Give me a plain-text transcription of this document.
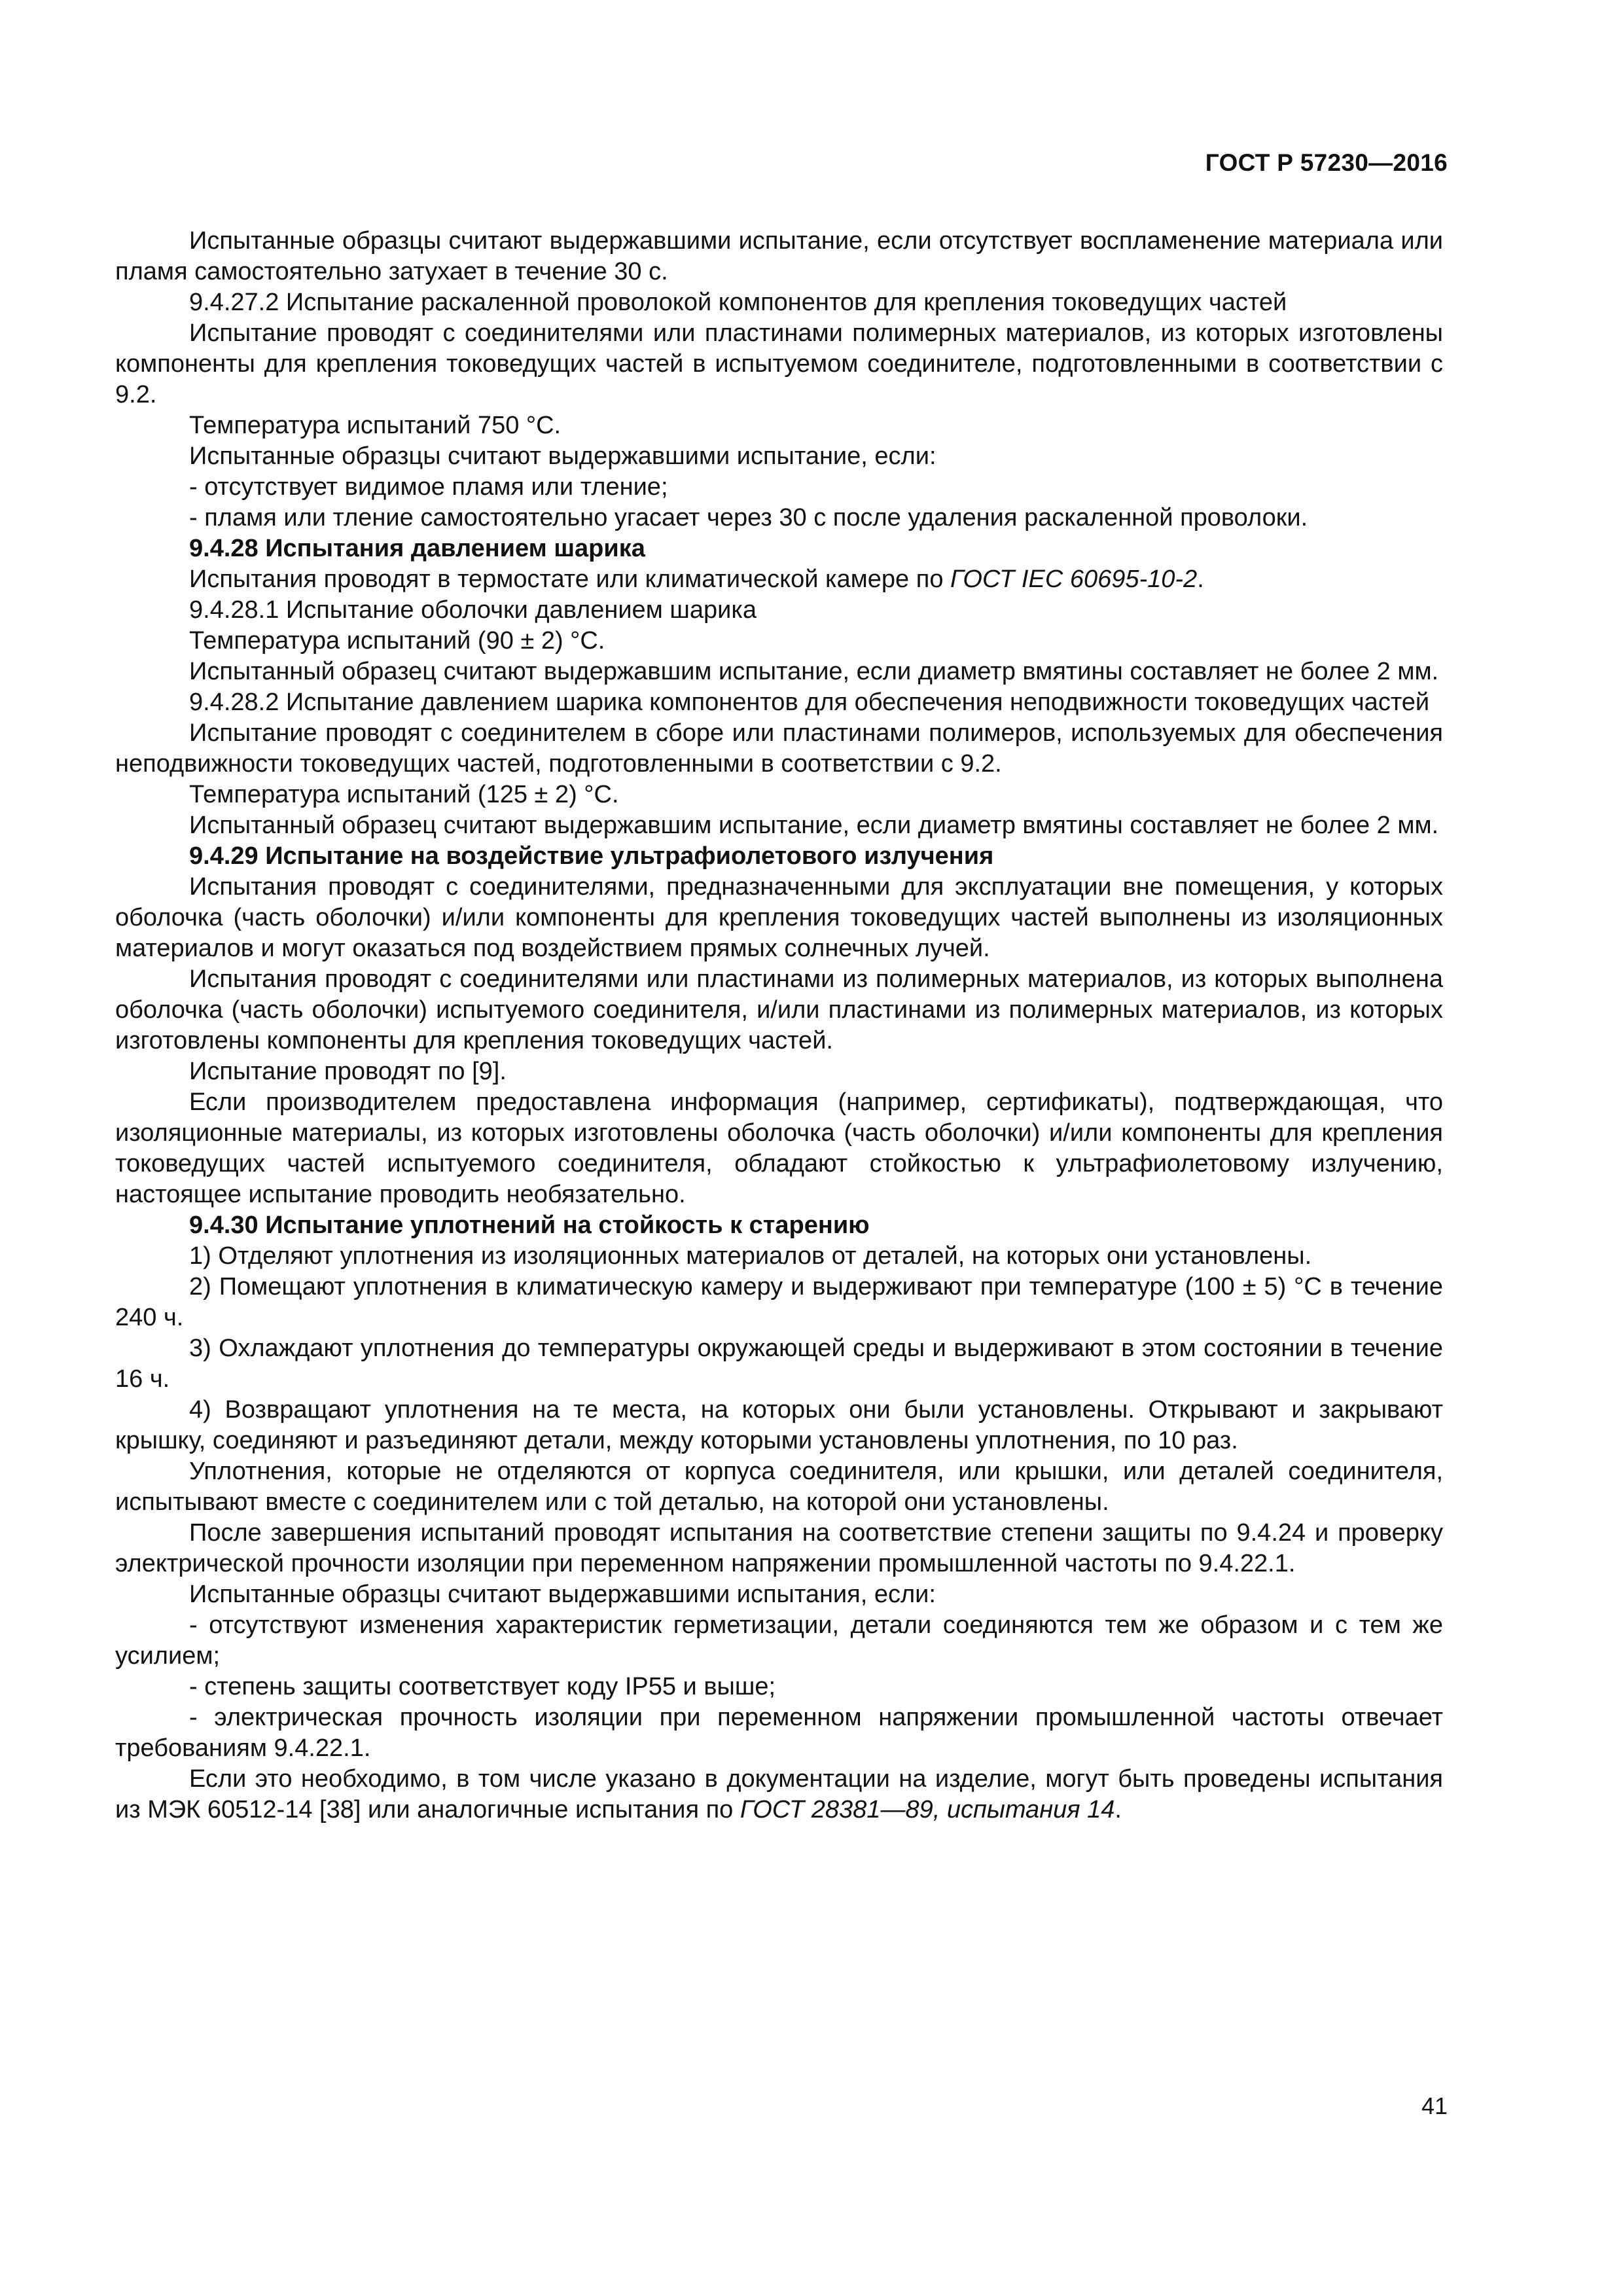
ГОСТ Р 57230—2016

Испытанные образцы считают выдержавшими испытание, если отсутствует воспламенение материала или пламя самостоятельно затухает в течение 30 с.

9.4.27.2 Испытание раскаленной проволокой компонентов для крепления токоведущих частей

Испытание проводят с соединителями или пластинами полимерных материалов, из которых изготовлены компоненты для крепления токоведущих частей в испытуемом соединителе, подготовленными в соответствии с 9.2.

Температура испытаний 750 °С.

Испытанные образцы считают выдержавшими испытание, если:

- отсутствует видимое пламя или тление;

- пламя или тление самостоятельно угасает через 30 с после удаления раскаленной проволоки.

9.4.28 Испытания давлением шарика

Испытания проводят в термостате или климатической камере по ГОСТ IEC 60695-10-2.

9.4.28.1 Испытание оболочки давлением шарика

Температура испытаний (90 ± 2) °С.

Испытанный образец считают выдержавшим испытание, если диаметр вмятины составляет не более 2 мм.

9.4.28.2 Испытание давлением шарика компонентов для обеспечения неподвижности токоведущих частей

Испытание проводят с соединителем в сборе или пластинами полимеров, используемых для обеспечения неподвижности токоведущих частей, подготовленными в соответствии с 9.2.

Температура испытаний (125 ± 2) °С.

Испытанный образец считают выдержавшим испытание, если диаметр вмятины составляет не более 2 мм.

9.4.29 Испытание на воздействие ультрафиолетового излучения

Испытания проводят с соединителями, предназначенными для эксплуатации вне помещения, у которых оболочка (часть оболочки) и/или компоненты для крепления токоведущих частей выполнены из изоляционных материалов и могут оказаться под воздействием прямых солнечных лучей.

Испытания проводят с соединителями или пластинами из полимерных материалов, из которых выполнена оболочка (часть оболочки) испытуемого соединителя, и/или пластинами из полимерных материалов, из которых изготовлены компоненты для крепления токоведущих частей.

Испытание проводят по [9].

Если производителем предоставлена информация (например, сертификаты), подтверждающая, что изоляционные материалы, из которых изготовлены оболочка (часть оболочки) и/или компоненты для крепления токоведущих частей испытуемого соединителя, обладают стойкостью к ультрафиолетовому излучению, настоящее испытание проводить необязательно.

9.4.30 Испытание уплотнений на стойкость к старению

1) Отделяют уплотнения из изоляционных материалов от деталей, на которых они установлены.

2) Помещают уплотнения в климатическую камеру и выдерживают при температуре (100 ± 5) °С в течение 240 ч.

3) Охлаждают уплотнения до температуры окружающей среды и выдерживают в этом состоянии в течение 16 ч.

4) Возвращают уплотнения на те места, на которых они были установлены. Открывают и закрывают крышку, соединяют и разъединяют детали, между которыми установлены уплотнения, по 10 раз.

Уплотнения, которые не отделяются от корпуса соединителя, или крышки, или деталей соединителя, испытывают вместе с соединителем или с той деталью, на которой они установлены.

После завершения испытаний проводят испытания на соответствие степени защиты по 9.4.24 и проверку электрической прочности изоляции при переменном напряжении промышленной частоты по 9.4.22.1.

Испытанные образцы считают выдержавшими испытания, если:

- отсутствуют изменения характеристик герметизации, детали соединяются тем же образом и с тем же усилием;

- степень защиты соответствует коду IP55 и выше;

- электрическая прочность изоляции при переменном напряжении промышленной частоты отвечает требованиям 9.4.22.1.

Если это необходимо, в том числе указано в документации на изделие, могут быть проведены испытания из МЭК 60512-14 [38] или аналогичные испытания по ГОСТ 28381—89, испытания 14.

41
